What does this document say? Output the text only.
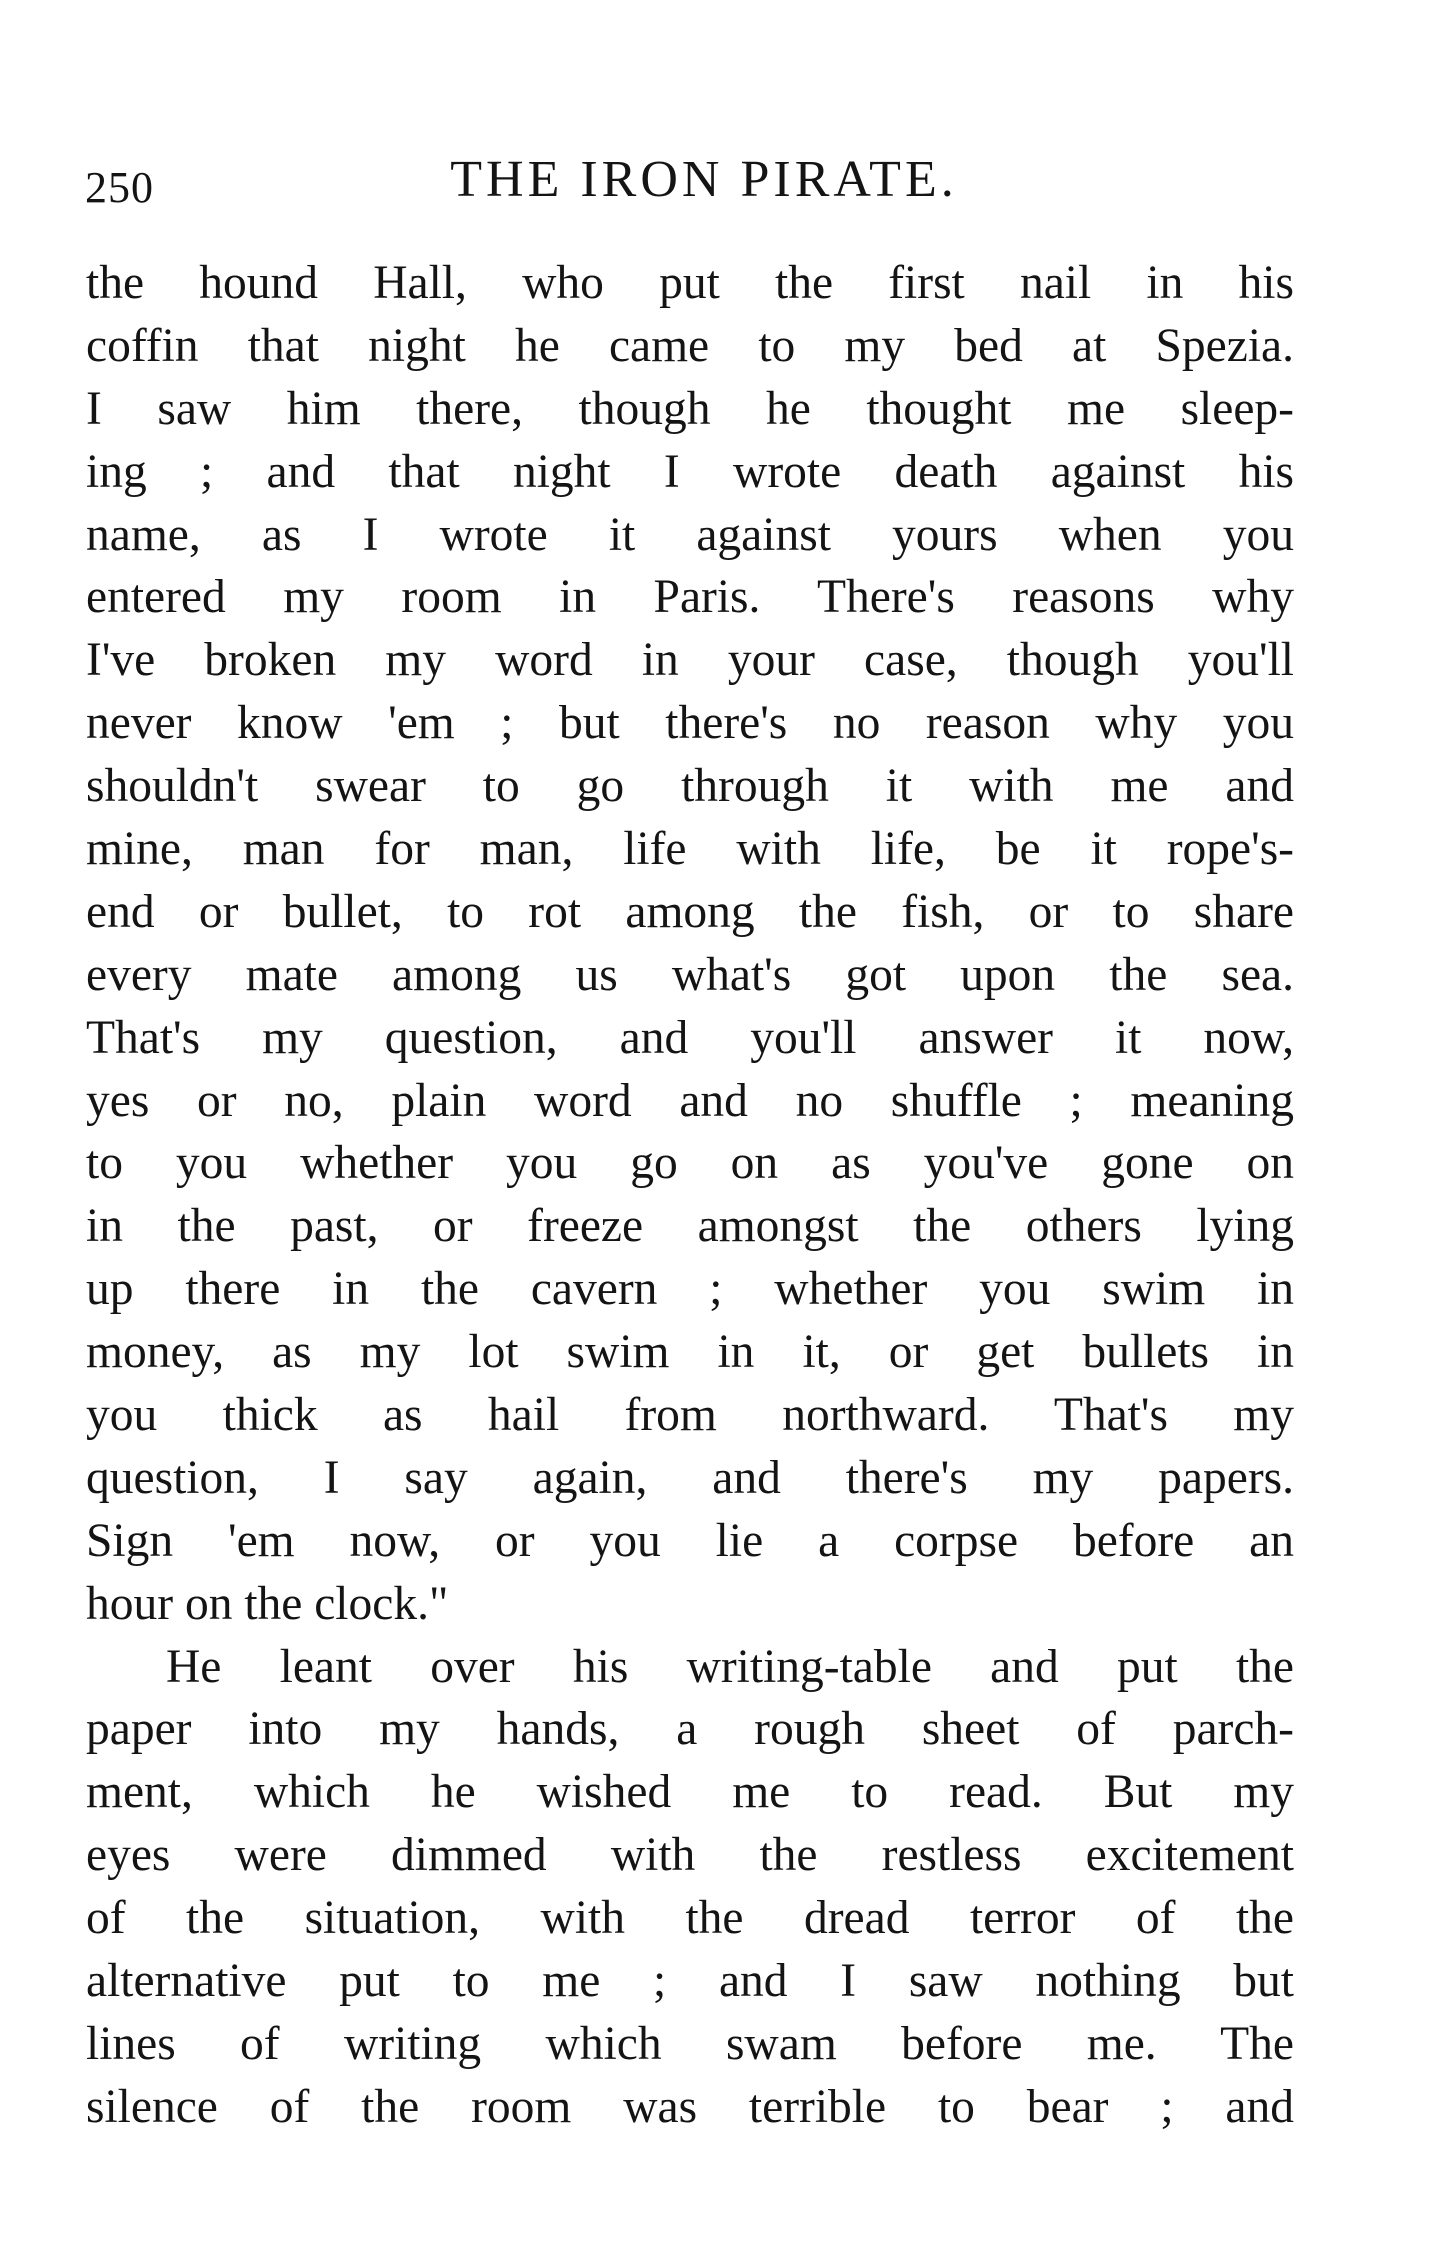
250	THE IRON PIRATE.
the hound Hall, who put the first nail in his
coffin that night he came to my bed at Spezia.
I saw him there, though he thought me sleep-
ing ; and that night I wrote death against his
name, as I wrote it against yours when you
entered my room in Paris. There's reasons why
I've broken my word in your case, though you'll
never know 'em ; but there's no reason why you
shouldn't swear to go through it with me and
mine, man for man, life with life, be it rope's-
end or bullet, to rot among the fish, or to share
every mate among us what's got upon the sea.
That's my question, and you'll answer it now,
yes or no, plain word and no shuffle ; meaning
to you whether you go on as you've gone on
in the past, or freeze amongst the others lying
up there in the cavern ; whether you swim in
money, as my lot swim in it, or get bullets in
you thick as hail from northward. That's my
question, I say again, and there's my papers.
Sign 'em now, or you lie a corpse before an
hour on the clock."
He leant over his writing-table and put the
paper into my hands, a rough sheet of parch-
ment, which he wished me to read. But my
eyes were dimmed with the restless excitement
of the situation, with the dread terror of the
alternative put to me ; and I saw nothing but
lines of writing which swam before me. The
silence of the room was terrible to bear ; and
